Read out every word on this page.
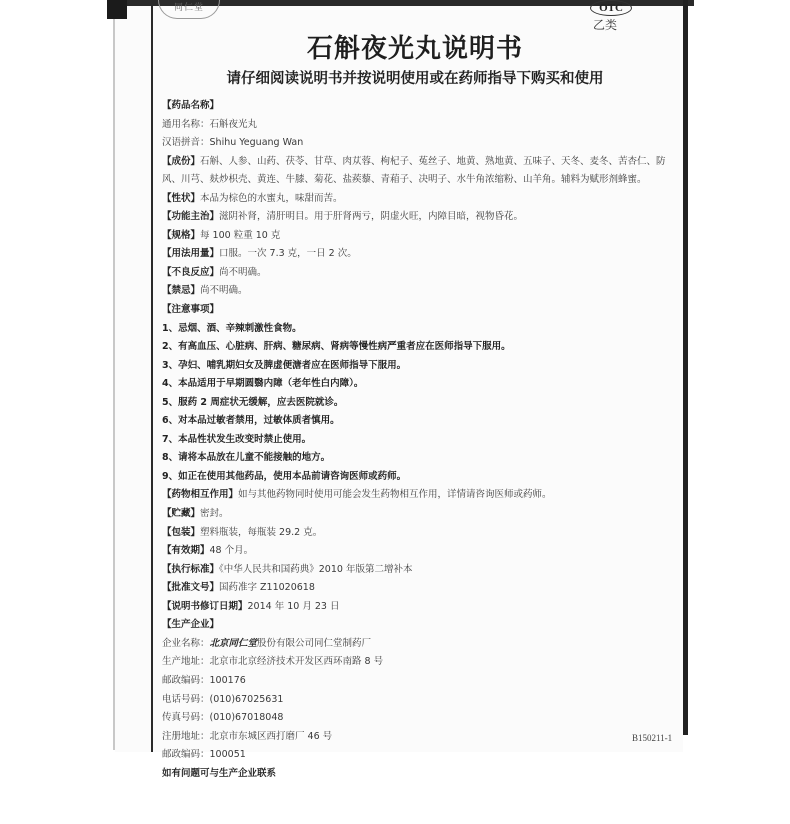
同仁堂	OTC
乙类
石斛夜光丸说明书
请仔细阅读说明书并按说明使用或在药师指导下购买和使用
【药品名称】
通用名称：石斛夜光丸
汉语拼音：Shihu Yeguang Wan
【成份】石斛、人参、山药、茯苓、甘草、肉苁蓉、枸杞子、菟丝子、地黄、熟地黄、五味子、天冬、麦冬、苦杏仁、防风、川芎、麸炒枳壳、黄连、牛膝、菊花、盐蒺藜、青葙子、决明子、水牛角浓缩粉、山羊角。辅料为赋形剂蜂蜜。
【性状】本品为棕色的水蜜丸，味甜而苦。
【功能主治】滋阴补肾，清肝明目。用于肝肾两亏，阴虚火旺，内障目暗，视物昏花。
【规格】每 100 粒重 10 克
【用法用量】口服。一次 7.3 克，一日 2 次。
【不良反应】尚不明确。
【禁忌】尚不明确。
【注意事项】
1、忌烟、酒、辛辣刺激性食物。
2、有高血压、心脏病、肝病、糖尿病、肾病等慢性病严重者应在医师指导下服用。
3、孕妇、哺乳期妇女及脾虚便溏者应在医师指导下服用。
4、本品适用于早期圆翳内障（老年性白内障）。
5、服药 2 周症状无缓解，应去医院就诊。
6、对本品过敏者禁用，过敏体质者慎用。
7、本品性状发生改变时禁止使用。
8、请将本品放在儿童不能接触的地方。
9、如正在使用其他药品，使用本品前请咨询医师或药师。
【药物相互作用】如与其他药物同时使用可能会发生药物相互作用，详情请咨询医师或药师。
【贮藏】密封。
【包装】塑料瓶装，每瓶装 29.2 克。
【有效期】48 个月。
【执行标准】《中华人民共和国药典》2010 年版第二增补本
【批准文号】国药准字 Z11020618
【说明书修订日期】2014 年 10 月 23 日
【生产企业】
企业名称：北京同仁堂股份有限公司同仁堂制药厂
生产地址：北京市北京经济技术开发区西环南路 8 号
邮政编码：100176
电话号码：(010)67025631
传真号码：(010)67018048
注册地址：北京市东城区西打磨厂 46 号
邮政编码：100051
如有问题可与生产企业联系
B150211-1
